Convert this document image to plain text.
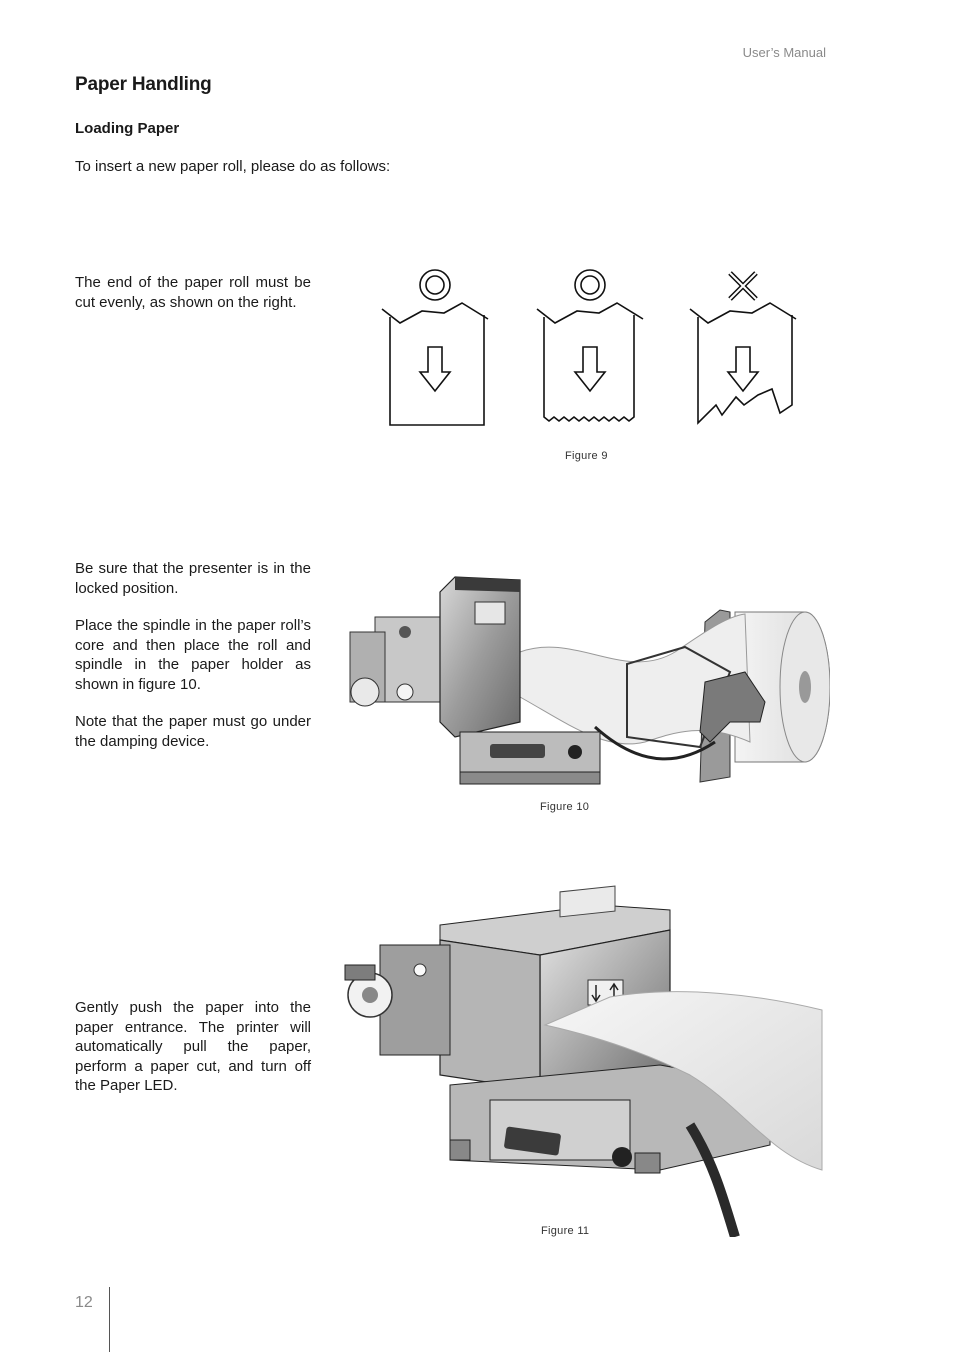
User’s Manual
Paper Handling
Loading Paper
To insert a new paper roll, please do as follows:
The end of the paper roll must be cut evenly, as shown on the right.
Figure 9

Be sure that the presenter is in the locked position.

Place the spindle in the paper roll’s core and then place the roll and spindle in the paper holder as shown in figure 10.

Note that the paper must go under the damping device.

Figure 10
Gently push the paper into the paper entrance. The printer will automatically pull the paper, perform a paper cut, and turn off the Paper LED.
Figure 11
12
